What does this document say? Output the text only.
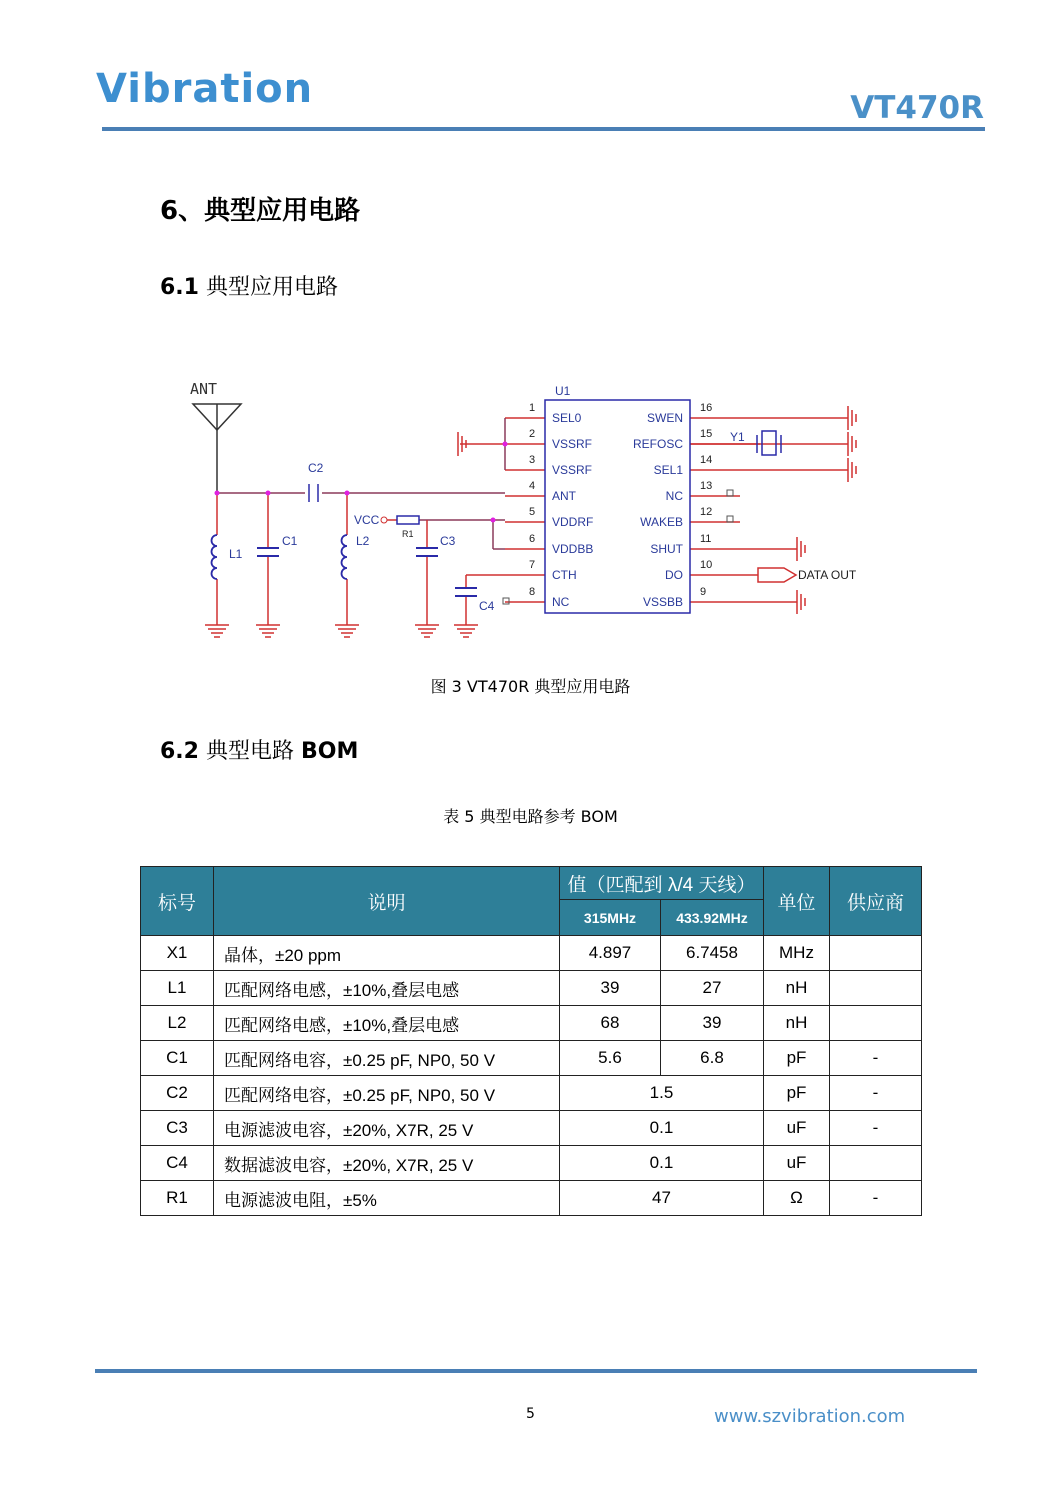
Vibration	VT470R
6、典型应用电路
6.1 典型应用电路
U1
1
SEL0
2
VSSRF
3
VSSRF
4
ANT
5
VDDRF
6
VDDBB
7
CTH
8
NC
16
SWEN
15
REFOSC
14
SEL1
13
NC
12
WAKEB
11
SHUT
10
DO
9
VSSBB
ANT
C2
L1
C1	L2
VCC
R1 C3
C4
Y1
DATA OUT
图 3 VT470R 典型应用电路
6.2 典型电路 BOM
表 5 典型电路参考 BOM
标号	说明	值（匹配到 λ/4 天线）		单位	供应商
		315MHz	433.92MHz		
X1	晶体，±20 ppm	4.897	6.7458	MHz	
L1	匹配网络电感，±10%,叠层电感	39	27	nH	
L2	匹配网络电感，±10%,叠层电感	68	39	nH	
C1	匹配网络电容，±0.25 pF, NP0, 50 V	5.6	6.8	pF	-
C2	匹配网络电容，±0.25 pF, NP0, 50 V	1.5		pF	-
C3	电源滤波电容，±20%, X7R, 25 V	0.1		uF	-
C4	数据滤波电容，±20%, X7R, 25 V	0.1		uF	
R1	电源滤波电阻，±5%	47		Ω	-
5	www.szvibration.com
